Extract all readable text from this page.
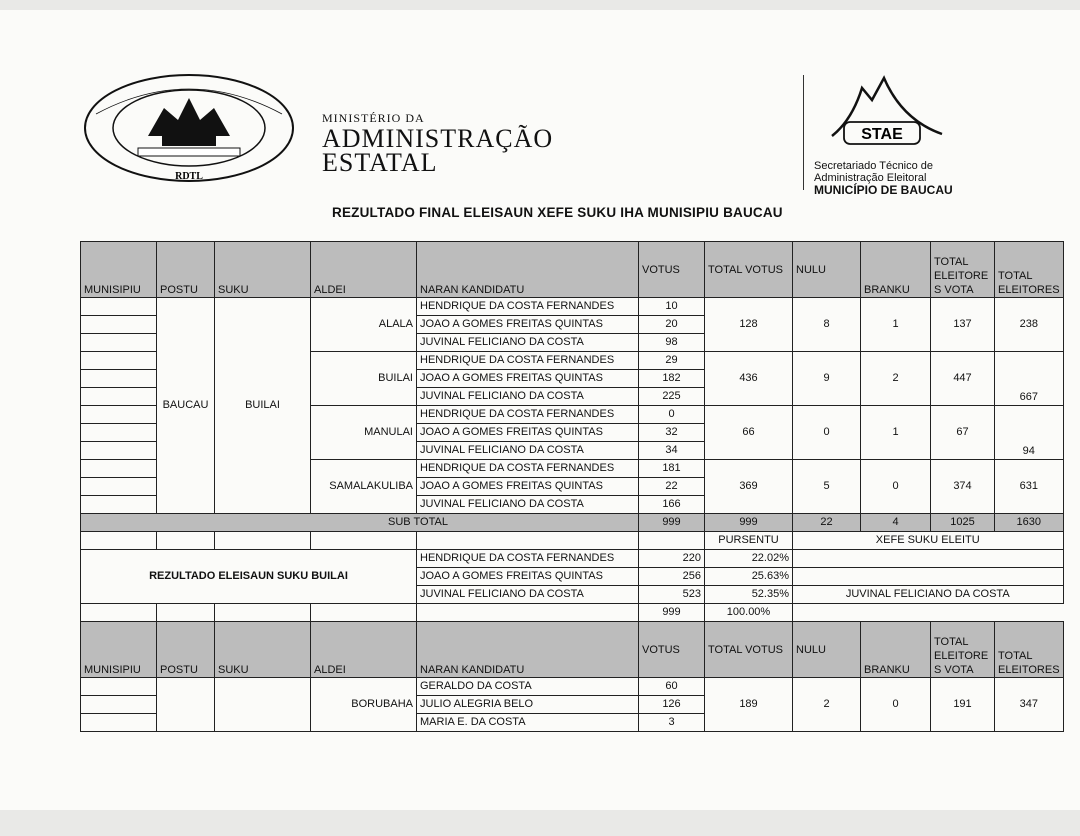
RDTL
MINISTÉRIO DA
ADMINISTRAÇÃO
ESTATAL
STAE
Secretariado Técnico de
Administração Eleitoral
MUNICÍPIO DE BAUCAU
REZULTADO FINAL ELEISAUN XEFE SUKU IHA MUNISIPIU BAUCAU
MUNISIPIU	POSTU	SUKU	ALDEI	NARAN KANDIDATU	VOTUS	TOTAL VOTUS	NULU	BRANKU	TOTAL ELEITORE S VOTA	TOTAL ELEITORES
	BAUCAU	BUILAI	ALALA	HENDRIQUE DA COSTA FERNANDES	10	128	8	1	137	238
				JOAO A GOMES FREITAS QUINTAS	20					
				JUVINAL FELICIANO DA COSTA	98					
			BUILAI	HENDRIQUE DA COSTA FERNANDES	29	436	9	2	447	667
				JOAO A GOMES FREITAS QUINTAS	182					
				JUVINAL FELICIANO DA COSTA	225					
			MANULAI	HENDRIQUE DA COSTA FERNANDES	0	66	0	1	67	94
				JOAO A GOMES FREITAS QUINTAS	32					
				JUVINAL FELICIANO DA COSTA	34					
			SAMALAKULIBA	HENDRIQUE DA COSTA FERNANDES	181	369	5	0	374	631
				JOAO A GOMES FREITAS QUINTAS	22					
				JUVINAL FELICIANO DA COSTA	166					
SUB TOTAL					999	999	22	4	1025	1630
						PURSENTU	XEFE SUKU ELEITU			
REZULTADO ELEISAUN SUKU BUILAI				HENDRIQUE DA COSTA FERNANDES	220	22.02%				
				JOAO A GOMES FREITAS QUINTAS	256	25.63%				
				JUVINAL FELICIANO DA COSTA	523	52.35%	JUVINAL FELICIANO DA COSTA			
					999	100.00%				
MUNISIPIU	POSTU	SUKU	ALDEI	NARAN KANDIDATU	VOTUS	TOTAL VOTUS	NULU	BRANKU	TOTAL ELEITORE S VOTA	TOTAL ELEITORES
			BORUBAHA	GERALDO DA COSTA	60	189	2	0	191	347
				JULIO ALEGRIA BELO	126					
				MARIA E. DA COSTA	3					
